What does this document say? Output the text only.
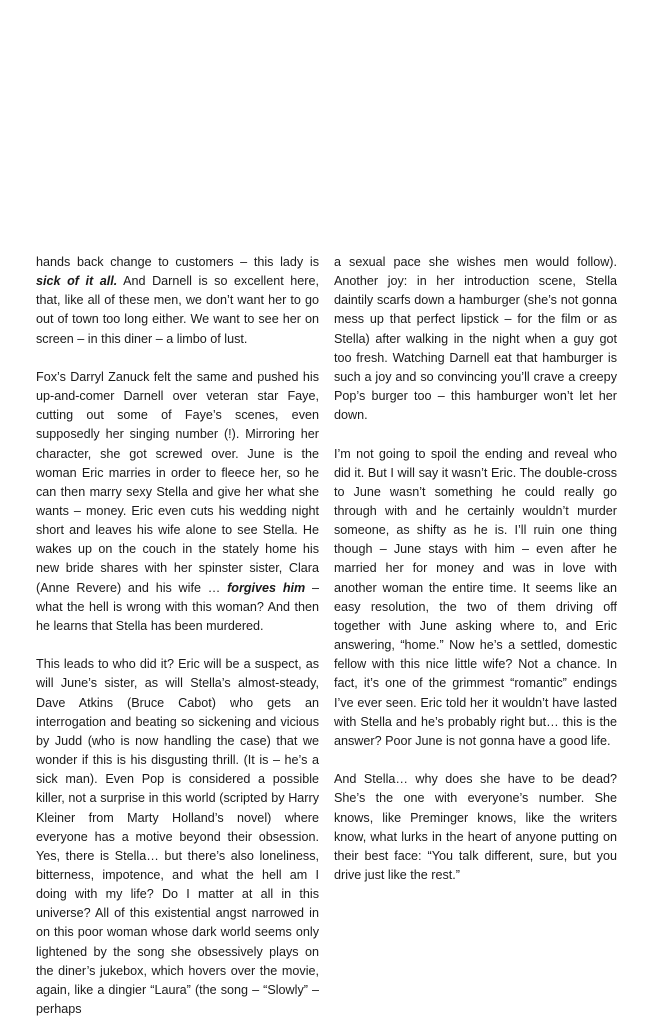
hands back change to customers – this lady is sick of it all. And Darnell is so excellent here, that, like all of these men, we don’t want her to go out of town too long either. We want to see her on screen – in this diner – a limbo of lust.

Fox’s Darryl Zanuck felt the same and pushed his up-and-comer Darnell over veteran star Faye, cutting out some of Faye’s scenes, even supposedly her singing number (!). Mirroring her character, she got screwed over. June is the woman Eric marries in order to fleece her, so he can then marry sexy Stella and give her what she wants – money. Eric even cuts his wedding night short and leaves his wife alone to see Stella. He wakes up on the couch in the stately home his new bride shares with her spinster sister, Clara (Anne Revere) and his wife … forgives him – what the hell is wrong with this woman? And then he learns that Stella has been murdered.

This leads to who did it? Eric will be a suspect, as will June’s sister, as will Stella’s almost-steady, Dave Atkins (Bruce Cabot) who gets an interrogation and beating so sickening and vicious by Judd (who is now handling the case) that we wonder if this is his disgusting thrill. (It is – he’s a sick man). Even Pop is considered a possible killer, not a surprise in this world (scripted by Harry Kleiner from Marty Holland’s novel) where everyone has a motive beyond their obsession. Yes, there is Stella… but there’s also loneliness, bitterness, impotence, and what the hell am I doing with my life? Do I matter at all in this universe? All of this existential angst narrowed in on this poor woman whose dark world seems only lightened by the song she obsessively plays on the diner’s jukebox, which hovers over the movie, again, like a dingier “Laura” (the song – “Slowly” – perhaps

a sexual pace she wishes men would follow). Another joy: in her introduction scene, Stella daintily scarfs down a hamburger (she’s not gonna mess up that perfect lipstick – for the film or as Stella) after walking in the night when a guy got too fresh. Watching Darnell eat that hamburger is such a joy and so convincing you’ll crave a creepy Pop’s burger too – this hamburger won’t let her down.

I’m not going to spoil the ending and reveal who did it. But I will say it wasn’t Eric. The double-cross to June wasn’t something he could really go through with and he certainly wouldn’t murder someone, as shifty as he is. I’ll ruin one thing though – June stays with him – even after he married her for money and was in love with another woman the entire time. It seems like an easy resolution, the two of them driving off together with June asking where to, and Eric answering, “home.” Now he’s a settled, domestic fellow with this nice little wife? Not a chance. In fact, it’s one of the grimmest “romantic” endings I’ve ever seen. Eric told her it wouldn’t have lasted with Stella and he’s probably right but… this is the answer? Poor June is not gonna have a good life.

And Stella… why does she have to be dead? She’s the one with everyone’s number. She knows, like Preminger knows, like the writers know, what lurks in the heart of anyone putting on their best face: “You talk different, sure, but you drive just like the rest.”
